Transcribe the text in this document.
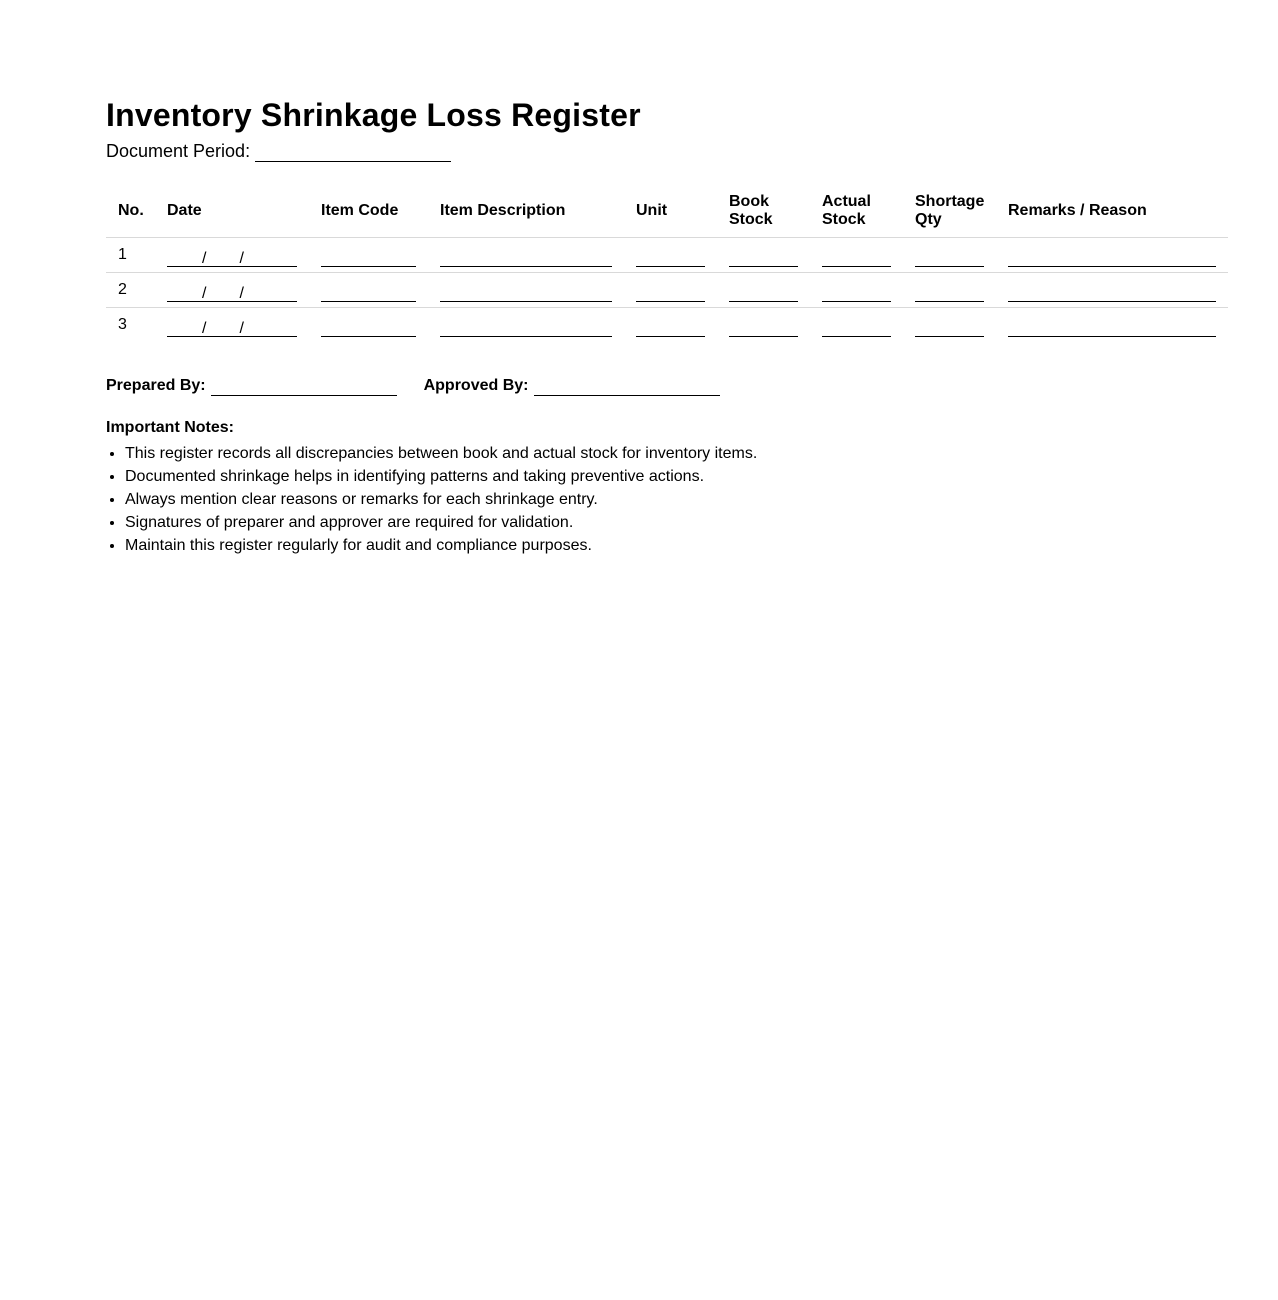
Inventory Shrinkage Loss Register
Document Period:
No.	Date	Item Code	Item Description	Unit	Book Stock	Actual Stock	Shortage Qty	Remarks / Reason
1	/ /							

2	/ /							

3	/ /							

Prepared By:	Approved By:
Important Notes:
• This register records all discrepancies between book and actual stock for inventory items.
• Documented shrinkage helps in identifying patterns and taking preventive actions.
• Always mention clear reasons or remarks for each shrinkage entry.
• Signatures of preparer and approver are required for validation.
• Maintain this register regularly for audit and compliance purposes.
